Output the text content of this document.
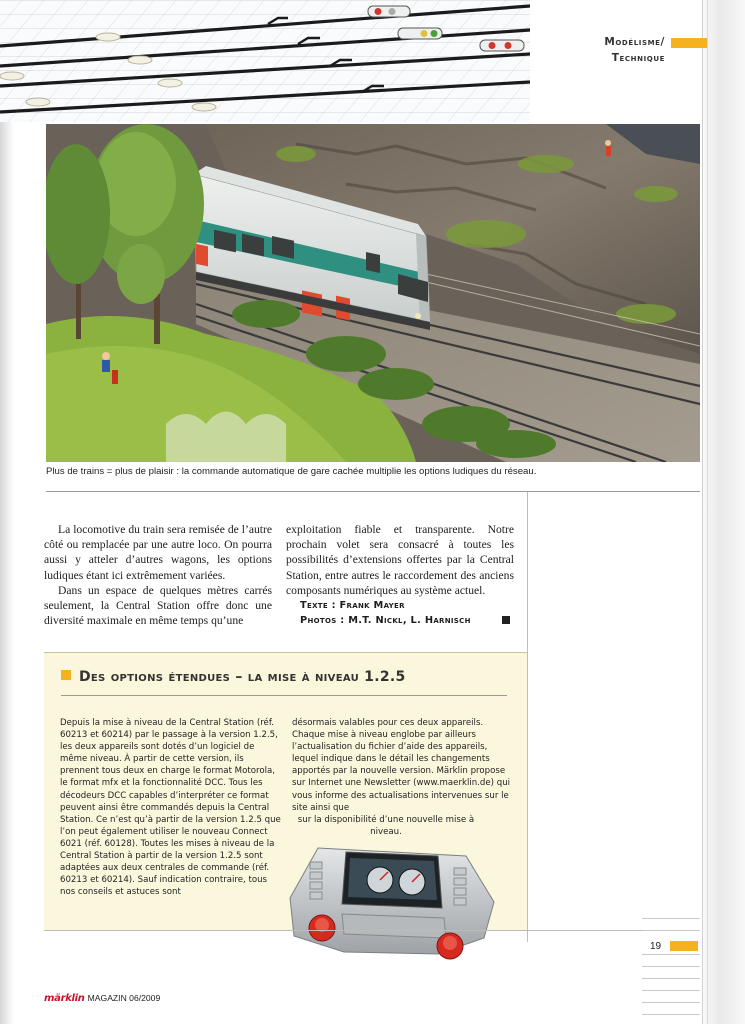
Modélisme/
Technique
Plus de trains = plus de plaisir : la commande automatique de gare cachée multiplie les options ludiques du réseau.

La locomotive du train sera remisée de l’autre côté ou remplacée par une autre loco. On pourra aussi y atteler d’autres wagons, les options ludiques étant ici extrêmement variées.

Dans un espace de quelques mètres carrés seulement, la Central Station offre donc une diversité maximale en même temps qu’une

exploitation fiable et transparente. Notre prochain volet sera consacré à toutes les possibilités d’extensions offertes par la Central Station, entre autres le raccordement des anciens composants numériques au système actuel.

Texte : Frank Mayer
Photos : M.T. Nickl, L. Harnisch
Des options étendues – la mise à niveau 1.2.5

Depuis la mise à niveau de la Central Station (réf. 60213 et 60214) par le passage à la version 1.2.5, les deux appareils sont dotés d’un logiciel de même niveau. À partir de cette version, ils prennent tous deux en charge le format Motorola, le format mfx et la fonctionnalité DCC. Tous les décodeurs DCC capables d’interpréter ce format peuvent ainsi être commandés depuis la Central Station. Ce n’est qu’à partir de la version 1.2.5 que l’on peut également utiliser le nouveau Connect 6021 (réf. 60128). Toutes les mises à niveau de la Central Station à partir de la version 1.2.5 sont adaptées aux deux centrales de commande (réf. 60213 et 60214). Sauf indication contraire, tous nos conseils et astuces sont

désormais valables pour ces deux appareils. Chaque mise à niveau englobe par ailleurs l’actualisation du fichier d’aide des appareils, lequel indique dans le détail les changements apportés par la nouvelle version. Märklin propose sur Internet une Newsletter (www.maerklin.de) qui vous informe des actualisations intervenues sur le site ainsi que

sur la disponibilité d’une nouvelle mise à niveau.

19
märklin MAGAZIN 06/2009
